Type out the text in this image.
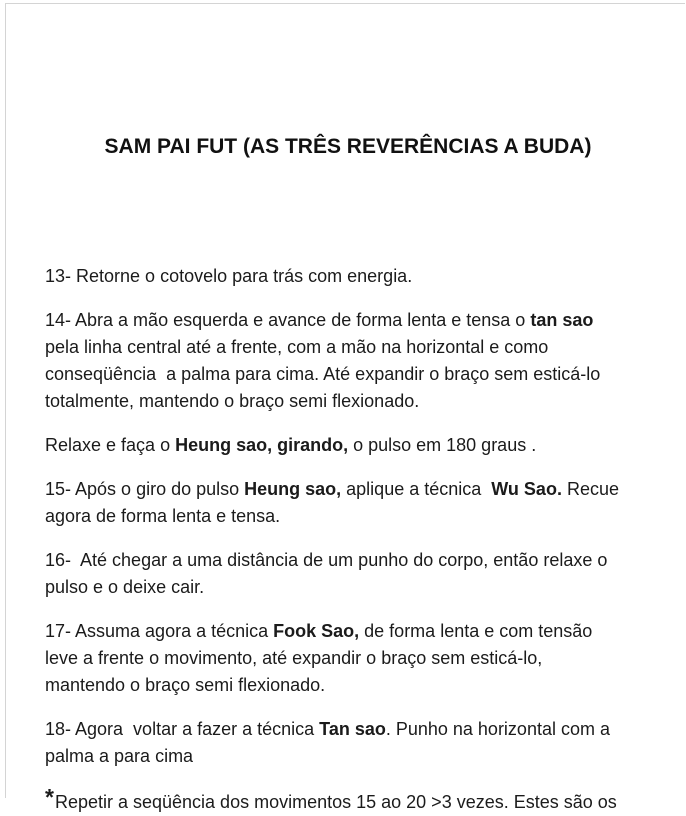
SAM PAI FUT (AS TRÊS REVERÊNCIAS A BUDA)

13- Retorne o cotovelo para trás com energia.

14- Abra a mão esquerda e avance de forma lenta e tensa o tan sao
pela linha central até a frente, com a mão na horizontal e como
conseqüência  a palma para cima. Até expandir o braço sem esticá-lo
totalmente, mantendo o braço semi flexionado.

Relaxe e faça o Heung sao, girando, o pulso em 180 graus .

15- Após o giro do pulso Heung sao, aplique a técnica  Wu Sao. Recue
agora de forma lenta e tensa.

16-  Até chegar a uma distância de um punho do corpo, então relaxe o
pulso e o deixe cair.

17- Assuma agora a técnica Fook Sao, de forma lenta e com tensão
leve a frente o movimento, até expandir o braço sem esticá-lo,
mantendo o braço semi flexionado.

18- Agora  voltar a fazer a técnica Tan sao. Punho na horizontal com a
palma a para cima

*Repetir a seqüência dos movimentos 15 ao 20 >3 vezes. Estes são os
